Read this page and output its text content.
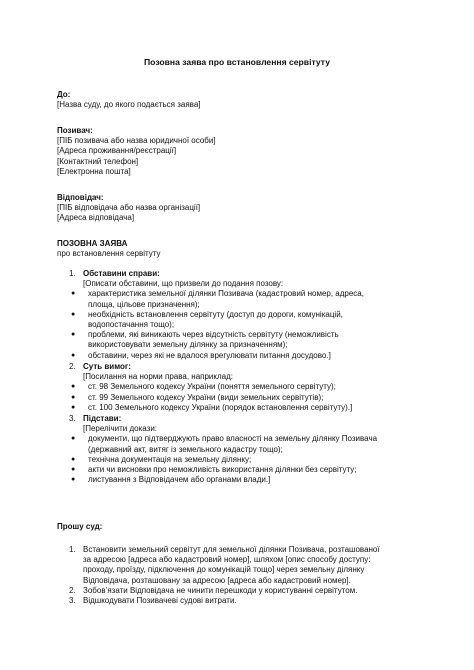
Позовна заява про встановлення сервітуту
До:
[Назва суду, до якого подається заява]
Позивач:
[ПІБ позивача або назва юридичної особи]
[Адреса проживання/реєстрації]
[Контактний телефон]
[Електронна пошта]
Відповідач:
[ПІБ відповідача або назва організації]
[Адреса відповідача]
ПОЗОВНА ЗАЯВА
про встановлення сервітуту
1. Обставини справи:
[Описати обставини, що призвели до подання позову:
● характеристика земельної ділянки Позивача (кадастровий номер, адреса,
площа, цільове призначення);
● необхідність встановлення сервітуту (доступ до дороги, комунікацій,
водопостачання тощо);
● проблеми, які виникають через відсутність сервітуту (неможливість
використовувати земельну ділянку за призначенням);
● обставини, через які не вдалося врегулювати питання досудово.]
2. Суть вимог:
[Посилання на норми права, наприклад:
● ст. 98 Земельного кодексу України (поняття земельного сервітуту);
● ст. 99 Земельного кодексу України (види земельних сервітутів);
● ст. 100 Земельного кодексу України (порядок встановлення сервітуту).]
3. Підстави:
[Перелічити докази:
● документи, що підтверджують право власності на земельну ділянку Позивача
(державний акт, витяг із земельного кадастру тощо);
● технічна документація на земельну ділянку;
● акти чи висновки про неможливість використання ділянки без сервітуту;
● листування з Відповідачем або органами влади.]
Прошу суд:
1. Встановити земельний сервітут для земельної ділянки Позивача, розташованої
за адресою [адреса або кадастровий номер], шляхом [опис способу доступу:
проходу, проїзду, підключення до комунікацій тощо] через земельну ділянку
Відповідача, розташовану за адресою [адреса або кадастровий номер].
2. Зобов’язати Відповідача не чинити перешкоди у користуванні сервітутом.
3. Відшкодувати Позивачеві судові витрати.
